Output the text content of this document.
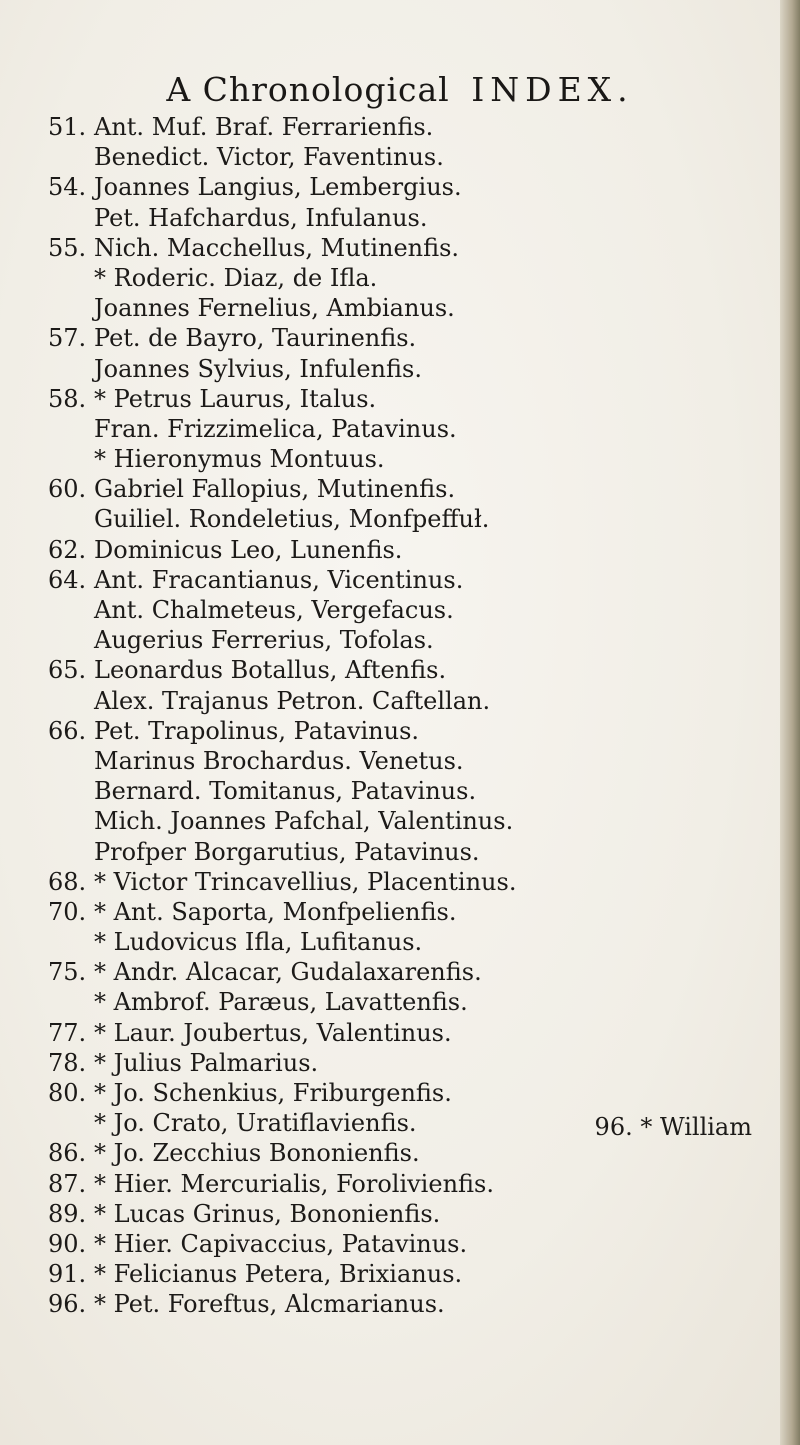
A Chronological INDEX.
51. Ant. Muf. Braf. Ferrarienfis.
Benedict. Victor, Faventinus.
54. Joannes Langius, Lembergius.
Pet. Hafchardus, Infulanus.
55. Nich. Macchellus, Mutinenfis.
* Roderic. Diaz, de Ifla.
Joannes Fernelius, Ambianus.
57. Pet. de Bayro, Taurinenfis.
Joannes Sylvius, Infulenfis.
58. * Petrus Laurus, Italus.
Fran. Frizzimelica, Patavinus.
* Hieronymus Montuus.
60. Gabriel Fallopius, Mutinenfis.
Guiliel. Rondeletius, Monfpeffuł.
62. Dominicus Leo, Lunenfis.
64. Ant. Fracantianus, Vicentinus.
Ant. Chalmeteus, Vergefacus.
Augerius Ferrerius, Tofolas.
65. Leonardus Botallus, Aftenfis.
Alex. Trajanus Petron. Caftellan.
66. Pet. Trapolinus, Patavinus.
Marinus Brochardus. Venetus.
Bernard. Tomitanus, Patavinus.
Mich. Joannes Pafchal, Valentinus.
Profper Borgarutius, Patavinus.
68. * Victor Trincavellius, Placentinus.
70. * Ant. Saporta, Monfpelienfis.
* Ludovicus Ifla, Lufitanus.
75. * Andr. Alcacar, Gudalaxarenfis.
* Ambrof. Paræus, Lavattenfis.
77. * Laur. Joubertus, Valentinus.
78. * Julius Palmarius.
80. * Jo. Schenkius, Friburgenfis.
* Jo. Crato, Uratiflavienfis.
86. * Jo. Zecchius Bononienfis.
87. * Hier. Mercurialis, Forolivienfis.
89. * Lucas Grinus, Bononienfis.
90. * Hier. Capivaccius, Patavinus.
91. * Felicianus Petera, Brixianus.
96. * Pet. Foreftus, Alcmarianus.
96. * William
